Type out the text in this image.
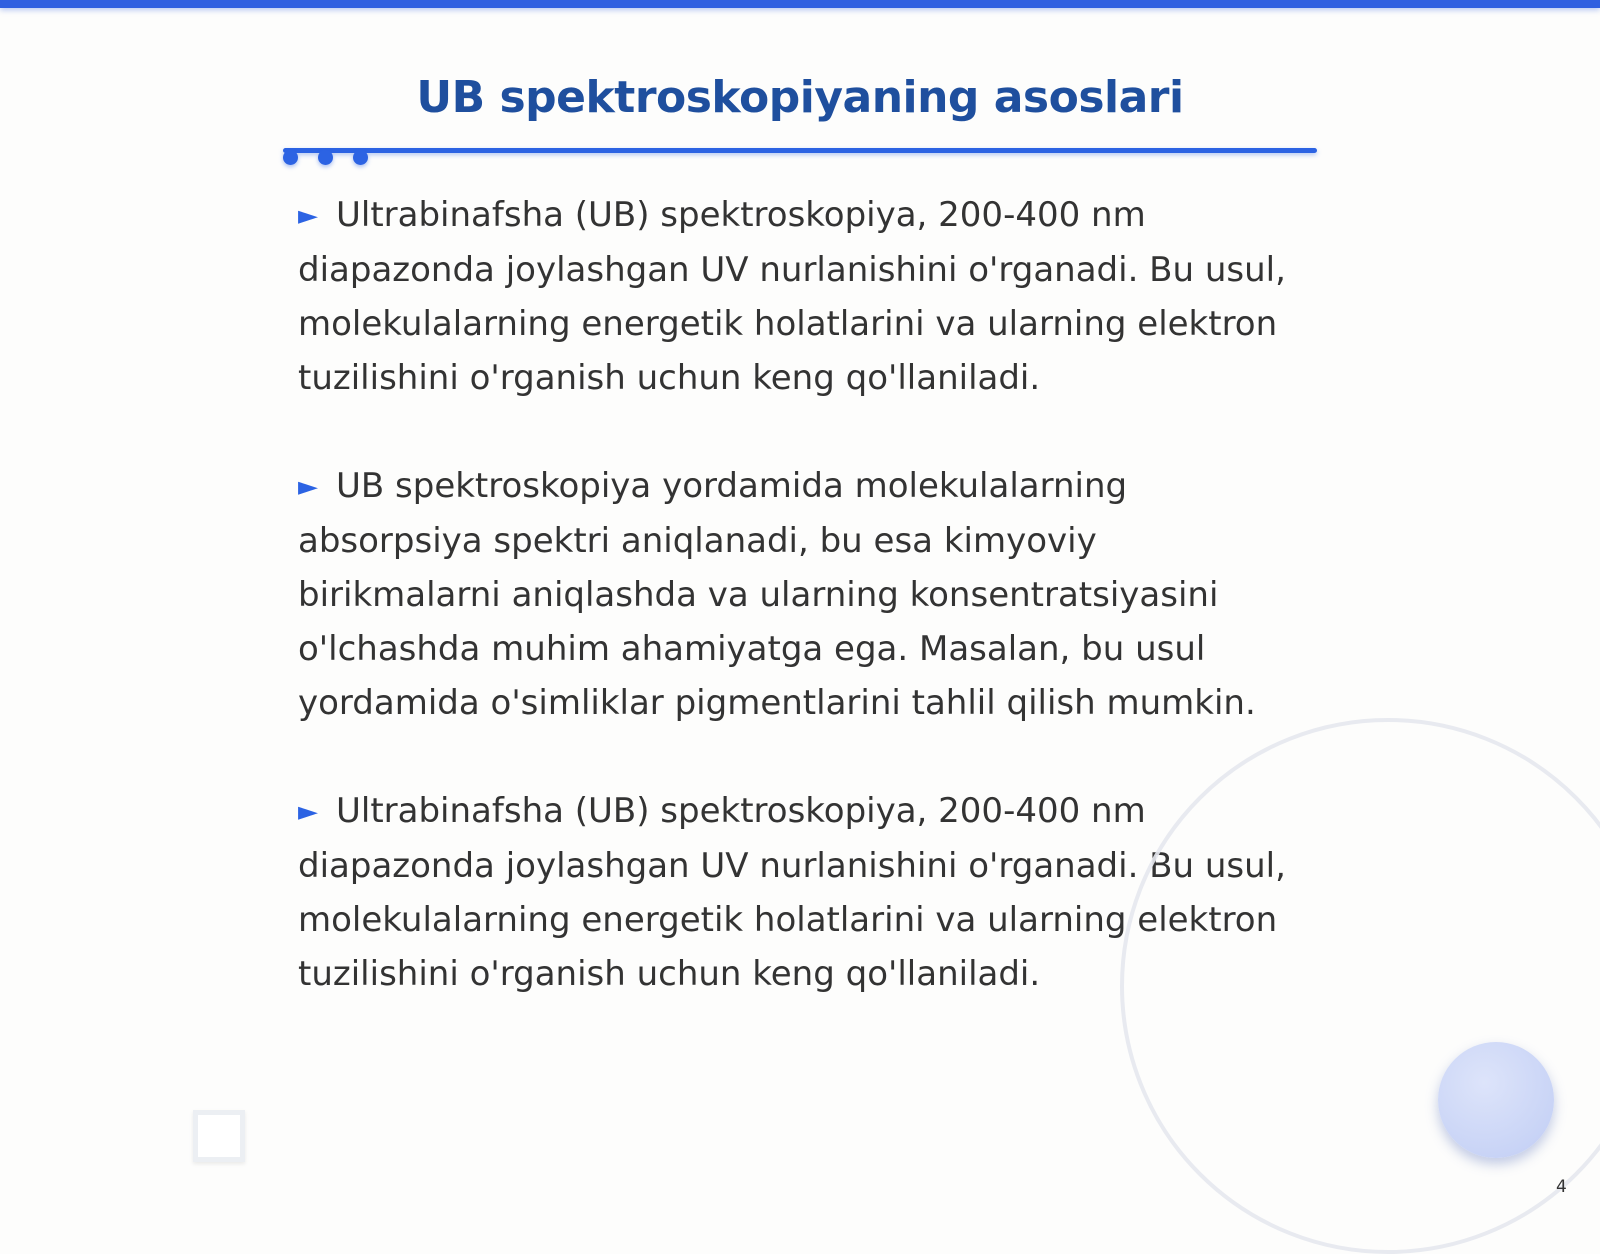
UB spektroskopiyaning asoslari

► Ultrabinafsha (UB) spektroskopiya, 200-400 nm diapazonda joylashgan UV nurlanishini o'rganadi. Bu usul, molekulalarning energetik holatlarini va ularning elektron tuzilishini o'rganish uchun keng qo'llaniladi.

► UB spektroskopiya yordamida molekulalarning absorpsiya spektri aniqlanadi, bu esa kimyoviy birikmalarni aniqlashda va ularning konsentratsiyasini o'lchashda muhim ahamiyatga ega. Masalan, bu usul yordamida o'simliklar pigmentlarini tahlil qilish mumkin.

► Ultrabinafsha (UB) spektroskopiya, 200-400 nm diapazonda joylashgan UV nurlanishini o'rganadi. Bu usul, molekulalarning energetik holatlarini va ularning elektron tuzilishini o'rganish uchun keng qo'llaniladi.

4
